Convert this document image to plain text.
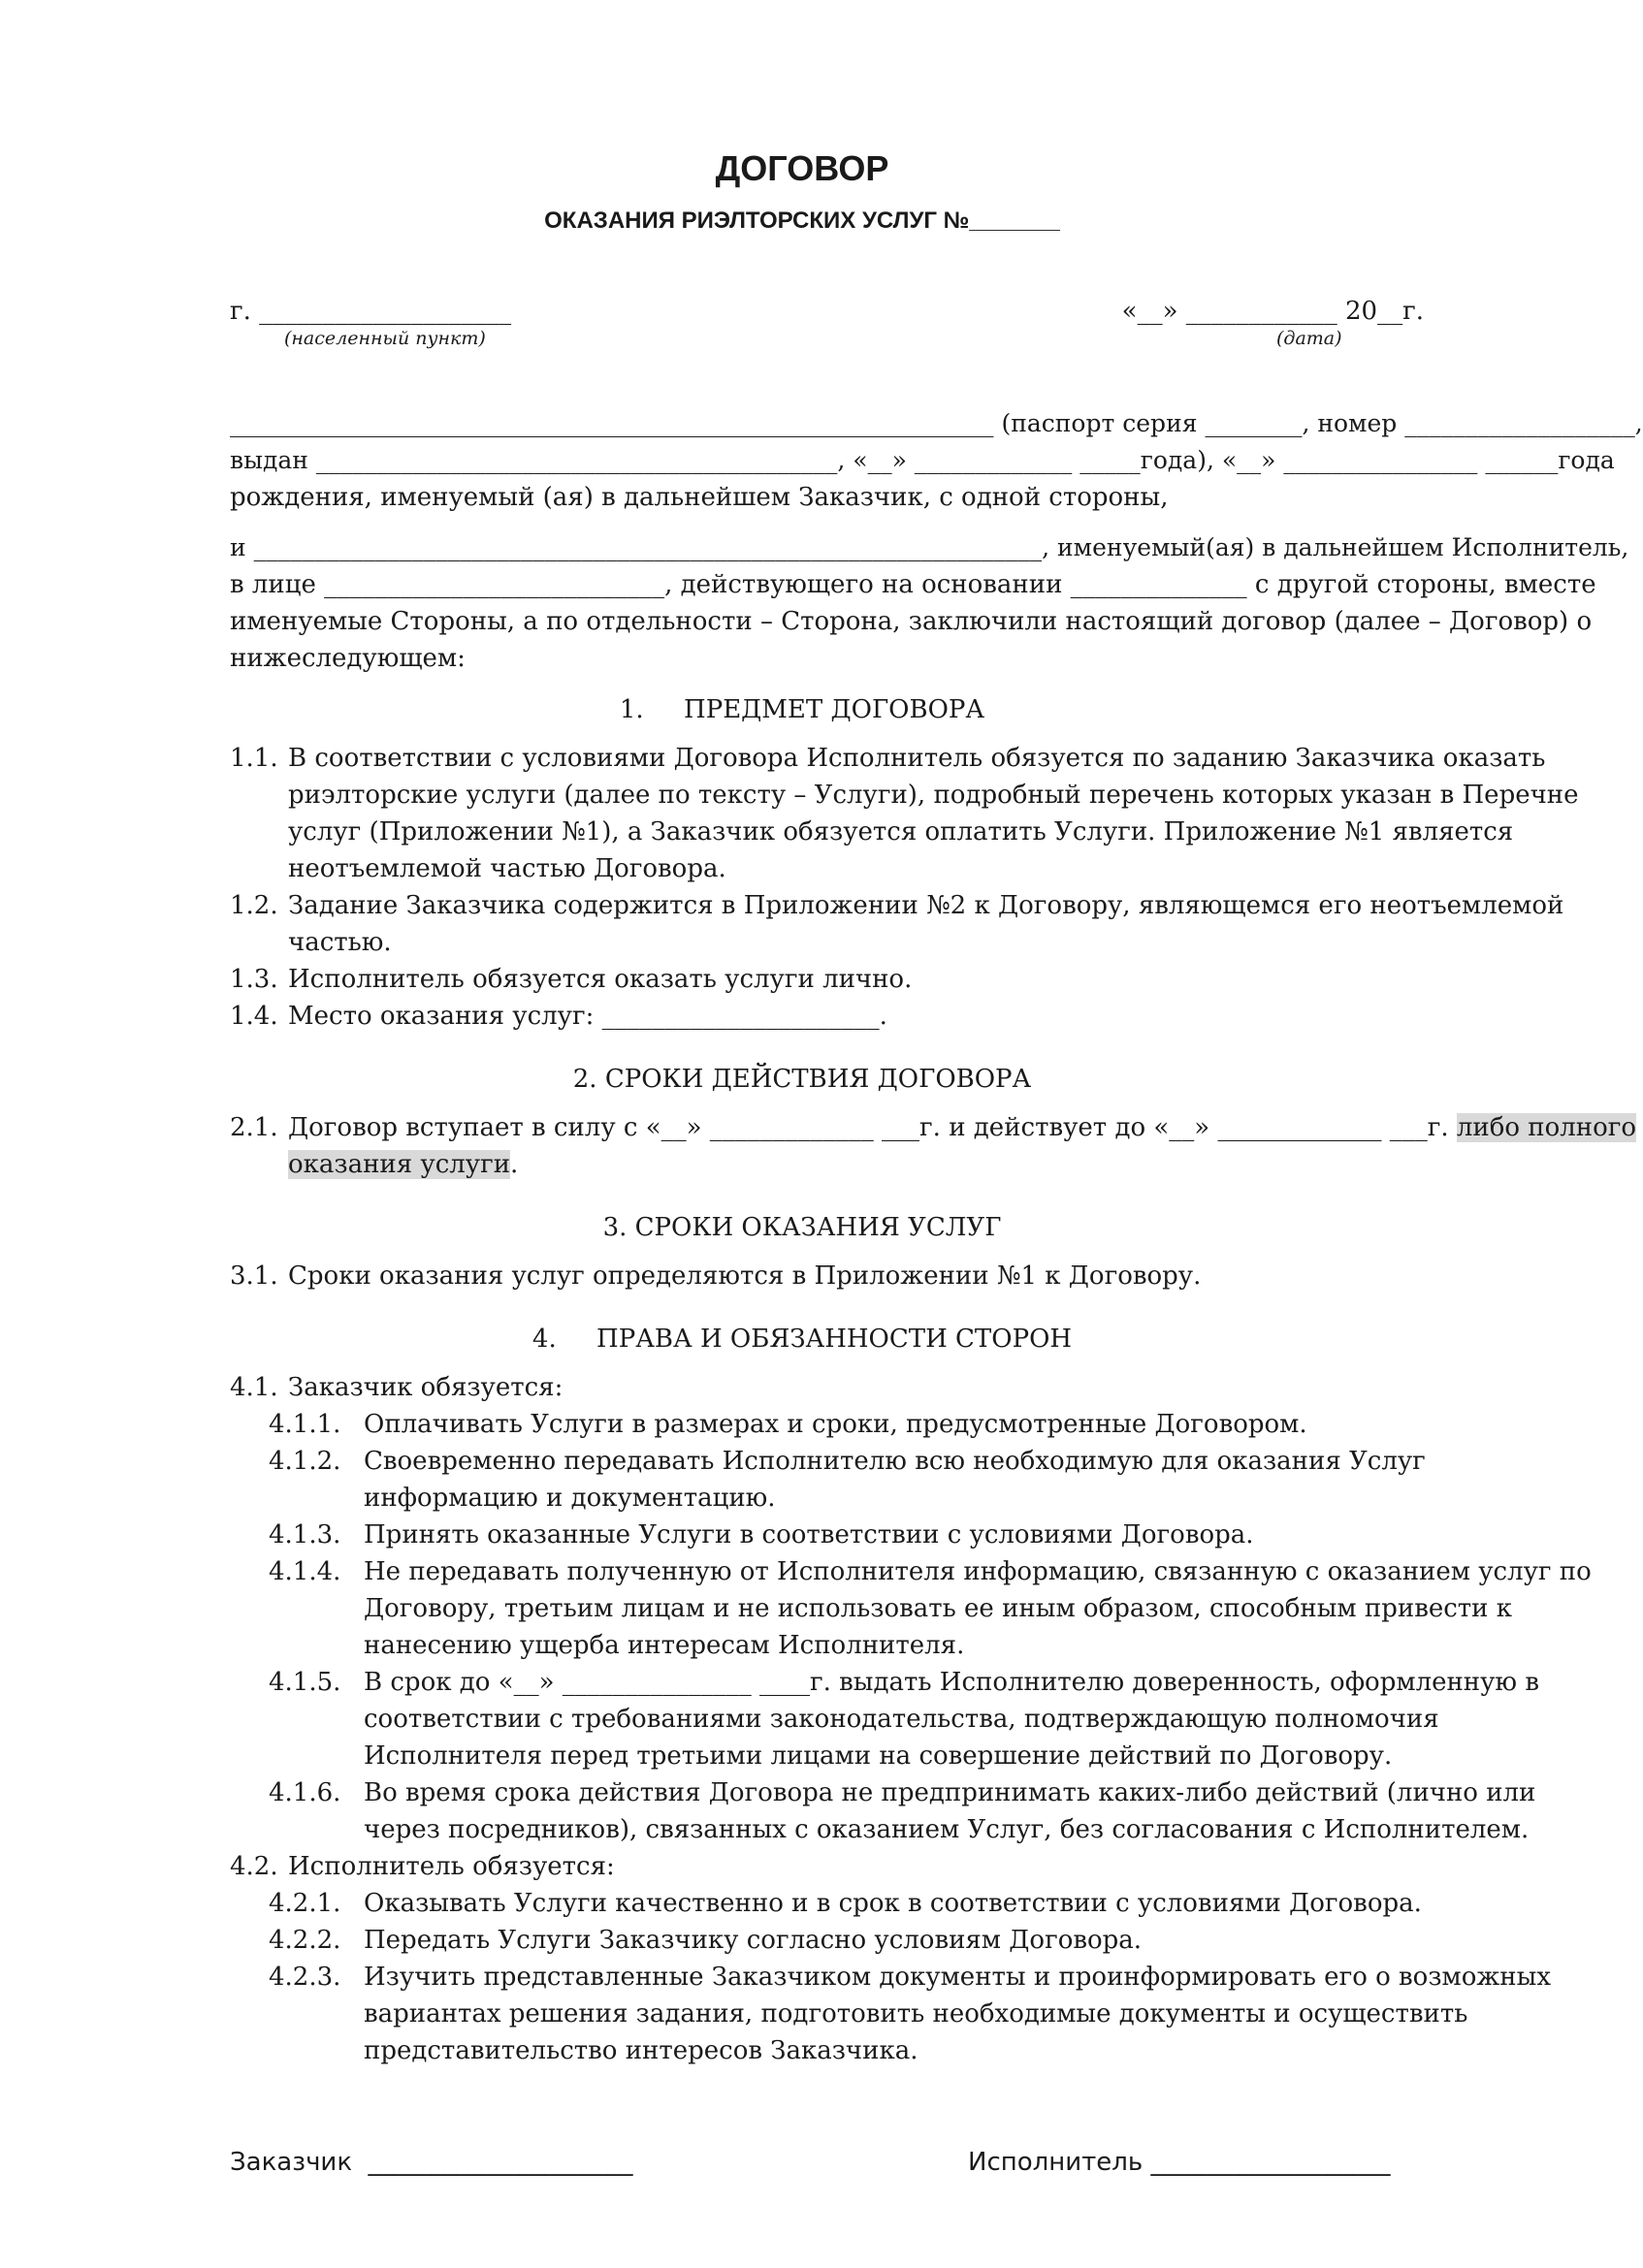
ДОГОВОР
ОКАЗАНИЯ РИЭЛТОРСКИХ УСЛУГ №_______
г. ____________________
(населенный пункт)
«__» ____________ 20__г.
(дата)
_______________________________________________________________ (паспорт серия ________, номер ___________________,
выдан ___________________________________________, «__» _____________ _____года), «__» ________________ ______года
рождения, именуемый (ая) в дальнейшем Заказчик, с одной стороны,
и _________________________________________________________________, именуемый(ая) в дальнейшем Исполнитель,
в лице ___________________________, действующего на основании ______________ с другой стороны, вместе
именуемые Стороны, а по отдельности – Сторона, заключили настоящий договор (далее – Договор) о
нижеследующем:
1.     ПРЕДМЕТ ДОГОВОРА
1.1. В соответствии с условиями Договора Исполнитель обязуется по заданию Заказчика оказать
риэлторские услуги (далее по тексту – Услуги), подробный перечень которых указан в Перечне
услуг (Приложении №1), а Заказчик обязуется оплатить Услуги. Приложение №1 является
неотъемлемой частью Договора.
1.2. Задание Заказчика содержится в Приложении №2 к Договору, являющемся его неотъемлемой
частью.
1.3. Исполнитель обязуется оказать услуги лично.
1.4. Место оказания услуг: ______________________.
2. СРОКИ ДЕЙСТВИЯ ДОГОВОРА
2.1. Договор вступает в силу с «__» _____________ ___г. и действует до «__» _____________ ___г. либо полного
оказания услуги.
3. СРОКИ ОКАЗАНИЯ УСЛУГ
3.1. Сроки оказания услуг определяются в Приложении №1 к Договору.
4.     ПРАВА И ОБЯЗАННОСТИ СТОРОН
4.1. Заказчик обязуется:
4.1.1. Оплачивать Услуги в размерах и сроки, предусмотренные Договором.
4.1.2. Своевременно передавать Исполнителю всю необходимую для оказания Услуг
информацию и документацию.
4.1.3. Принять оказанные Услуги в соответствии с условиями Договора.
4.1.4. Не передавать полученную от Исполнителя информацию, связанную с оказанием услуг по
Договору, третьим лицам и не использовать ее иным образом, способным привести к
нанесению ущерба интересам Исполнителя.
4.1.5. В срок до «__» _______________ ____г. выдать Исполнителю доверенность, оформленную в
соответствии с требованиями законодательства, подтверждающую полномочия
Исполнителя перед третьими лицами на совершение действий по Договору.
4.1.6. Во время срока действия Договора не предпринимать каких-либо действий (лично или
через посредников), связанных с оказанием Услуг, без согласования с Исполнителем.
4.2. Исполнитель обязуется:
4.2.1. Оказывать Услуги качественно и в срок в соответствии с условиями Договора.
4.2.2. Передать Услуги Заказчику согласно условиям Договора.
4.2.3. Изучить представленные Заказчиком документы и проинформировать его о возможных
вариантах решения задания, подготовить необходимые документы и осуществить
представительство интересов Заказчика.
Заказчик  _____________________	Исполнитель ___________________
